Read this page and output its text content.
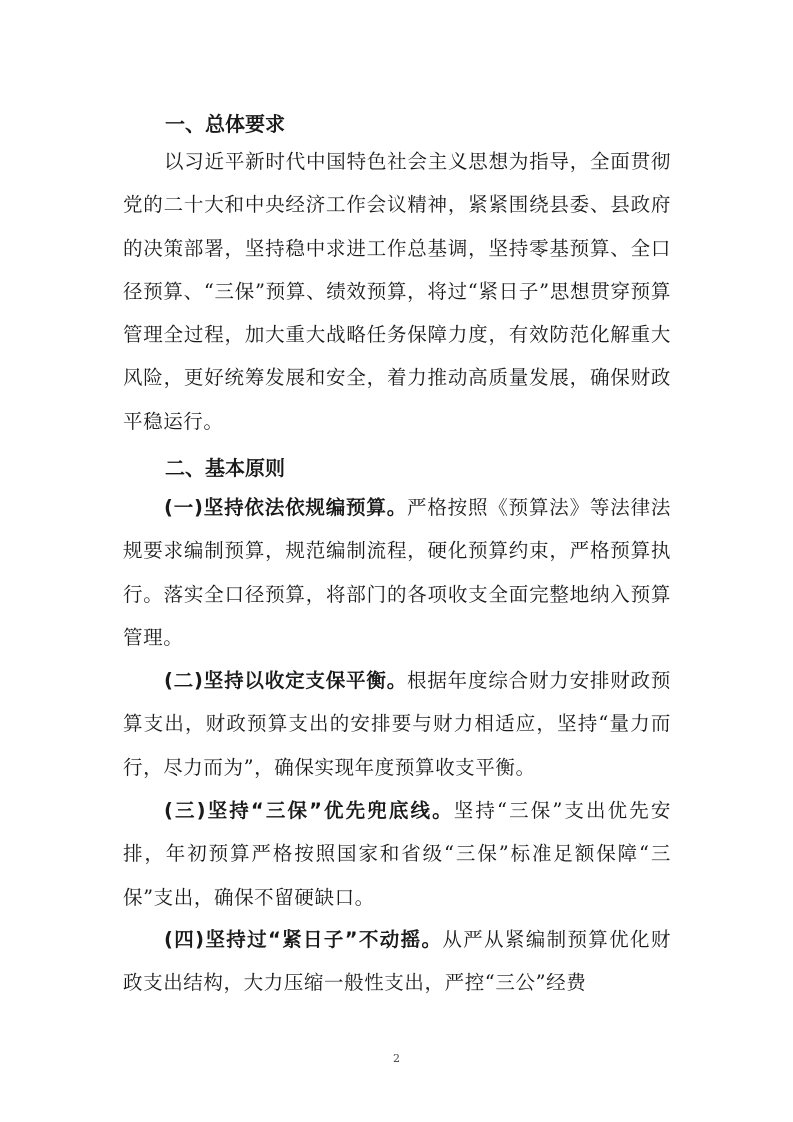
一、总体要求

以习近平新时代中国特色社会主义思想为指导，全面贯彻党的二十大和中央经济工作会议精神，紧紧围绕县委、县政府的决策部署，坚持稳中求进工作总基调，坚持零基预算、全口径预算、“三保”预算、绩效预算，将过“紧日子”思想贯穿预算管理全过程，加大重大战略任务保障力度，有效防范化解重大风险，更好统筹发展和安全，着力推动高质量发展，确保财政平稳运行。

二、基本原则

(一)坚持依法依规编预算。严格按照《预算法》等法律法规要求编制预算，规范编制流程，硬化预算约束，严格预算执行。落实全口径预算，将部门的各项收支全面完整地纳入预算管理。

(二)坚持以收定支保平衡。根据年度综合财力安排财政预算支出，财政预算支出的安排要与财力相适应，坚持“量力而行，尽力而为”，确保实现年度预算收支平衡。

(三)坚持“三保”优先兜底线。坚持“三保”支出优先安排，年初预算严格按照国家和省级“三保”标准足额保障“三保”支出，确保不留硬缺口。

(四)坚持过“紧日子”不动摇。从严从紧编制预算优化财政支出结构，大力压缩一般性支出，严控“三公”经费

2
